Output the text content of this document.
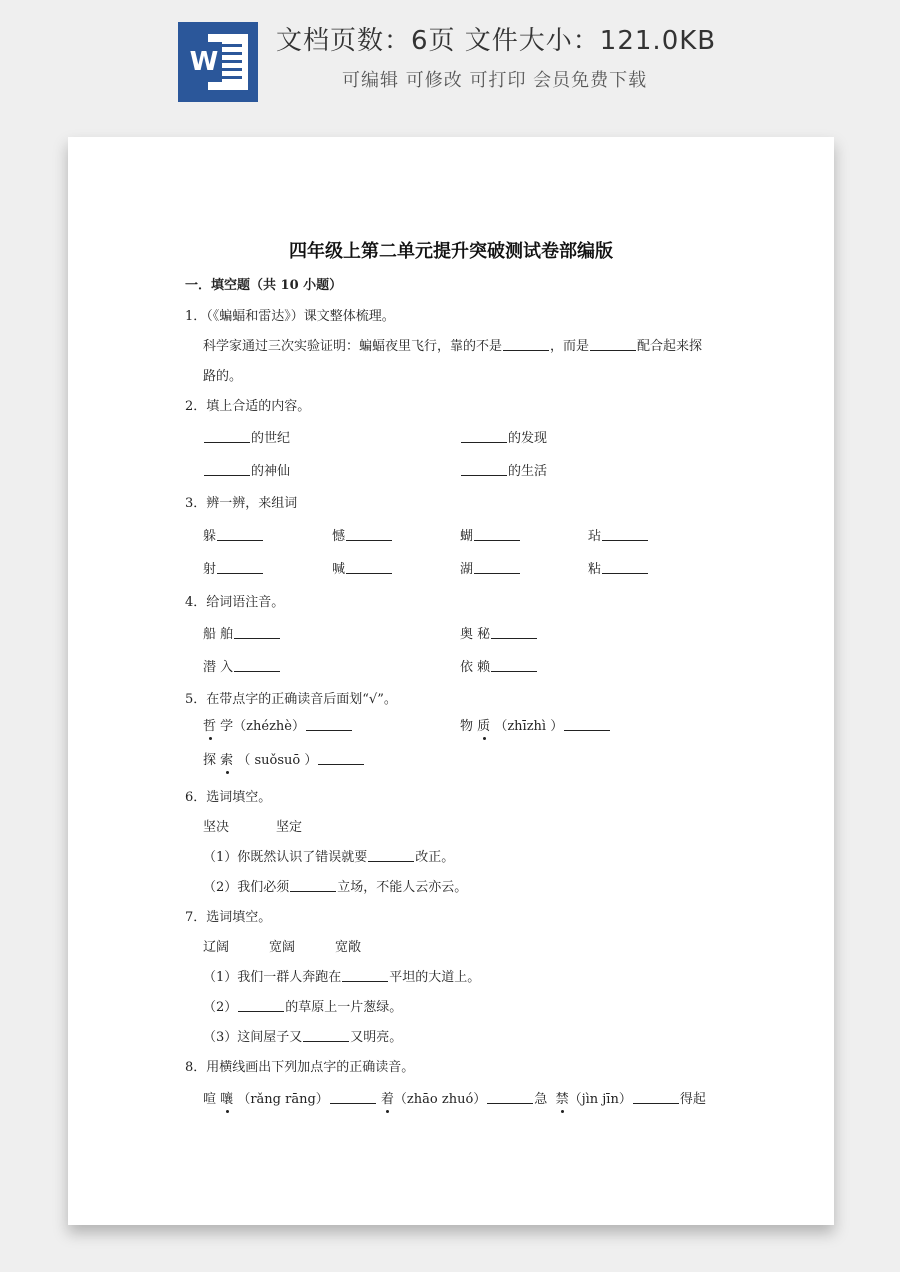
W
文档页数：6页 文件大小：121.0KB
可编辑 可修改 可打印 会员免费下载
四年级上第二单元提升突破测试卷部编版
一．填空题（共 10 小题）
1．（《蝙蝠和雷达》）课文整体梳理。
科学家通过三次实验证明：蝙蝠夜里飞行，靠的不是	，而是	配合起来探
路的。
2．填上合适的内容。
的世纪	的发现
的神仙	的生活
3．辨一辨，来组词
躲	憾	蝴	玷
射	喊	湖	粘
4．给词语注音。
船 舶	奥 秘
潜 入	依 赖
5．在带点字的正确读音后面划“√”。
哲 学（zhézhè）	物 质 （zhīzhì ）
探 索 （ suǒsuō ）
6．选词填空。
坚决	坚定
（1）你既然认识了错误就要	改正。
（2）我们必须	立场，不能人云亦云。
7．选词填空。
辽阔	宽阔	宽敞
（1）我们一群人奔跑在	平坦的大道上。
（2）	的草原上一片葱绿。
（3）这间屋子又	又明亮。
8．用横线画出下列加点字的正确读音。
喧 嚷 （rǎng rāng）	着（zhāo zhuó）	急 禁（jìn jīn）	得起
